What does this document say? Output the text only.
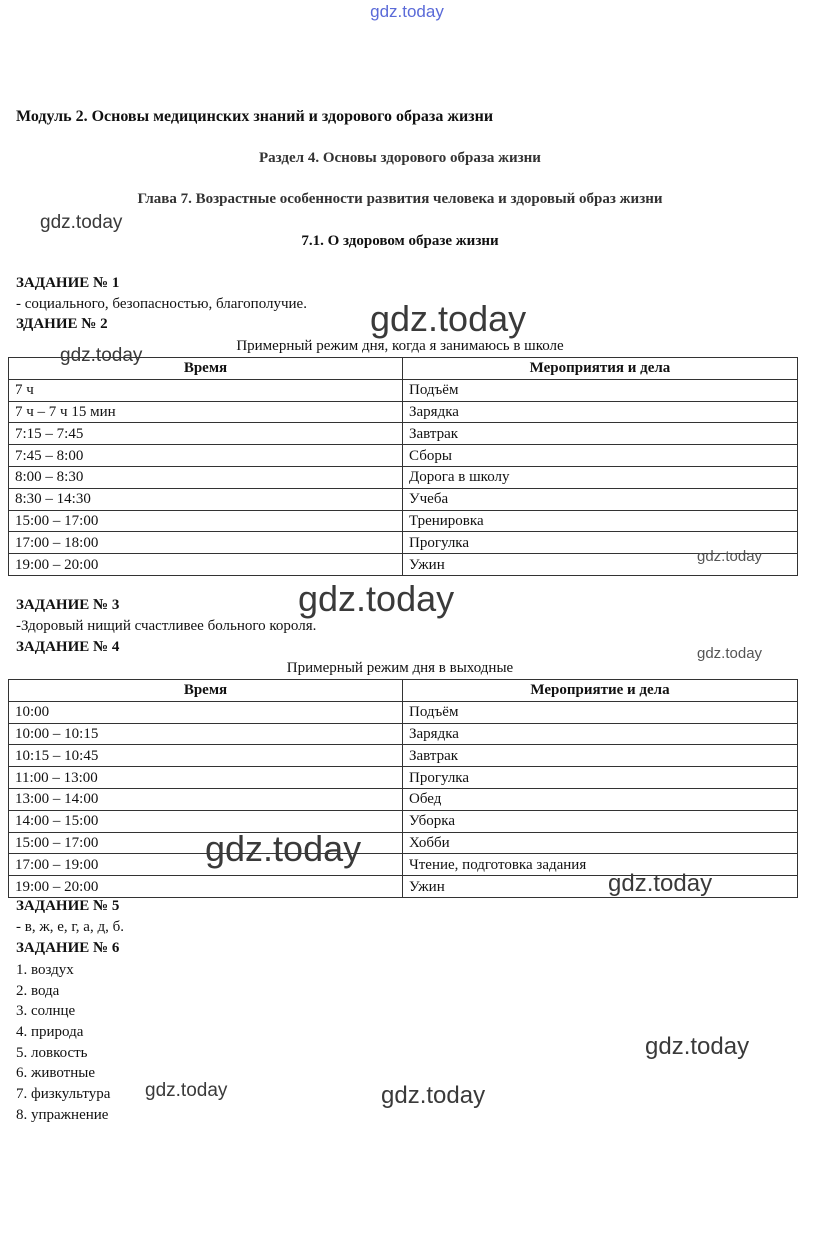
gdz.today
Модуль 2. Основы медицинских знаний и здорового образа жизни
Раздел 4. Основы здорового образа жизни
Глава 7. Возрастные особенности развития человека и здоровый образ жизни
7.1. О здоровом образе жизни
ЗАДАНИЕ № 1
- социального, безопасностью, благополучие.
ЗДАНИЕ № 2
Примерный режим дня, когда я занимаюсь в школе
Время	Мероприятия и дела
7 ч	Подъём
7 ч – 7 ч 15 мин	Зарядка
7:15 – 7:45	Завтрак
7:45 – 8:00	Сборы
8:00 – 8:30	Дорога в школу
8:30 – 14:30	Учеба
15:00 – 17:00	Тренировка
17:00 – 18:00	Прогулка
19:00 – 20:00	Ужин
ЗАДАНИЕ № 3
-Здоровый нищий счастливее больного короля.
ЗАДАНИЕ № 4
Примерный режим дня в выходные
Время	Мероприятие и дела
10:00	Подъём
10:00 – 10:15	Зарядка
10:15 – 10:45	Завтрак
11:00 – 13:00	Прогулка
13:00 – 14:00	Обед
14:00 – 15:00	Уборка
15:00 – 17:00	Хобби
17:00 – 19:00	Чтение, подготовка задания
19:00 – 20:00	Ужин
ЗАДАНИЕ № 5
- в, ж, е, г, а, д, б.
ЗАДАНИЕ № 6
1. воздух
2. вода
3. солнце
4. природа
5. ловкость
6. животные
7. физкультура
8. упражнение
gdz.today
gdz.today
gdz.today
gdz.today
gdz.today
gdz.today
gdz.today
gdz.today
gdz.today
gdz.today	gdz.today
